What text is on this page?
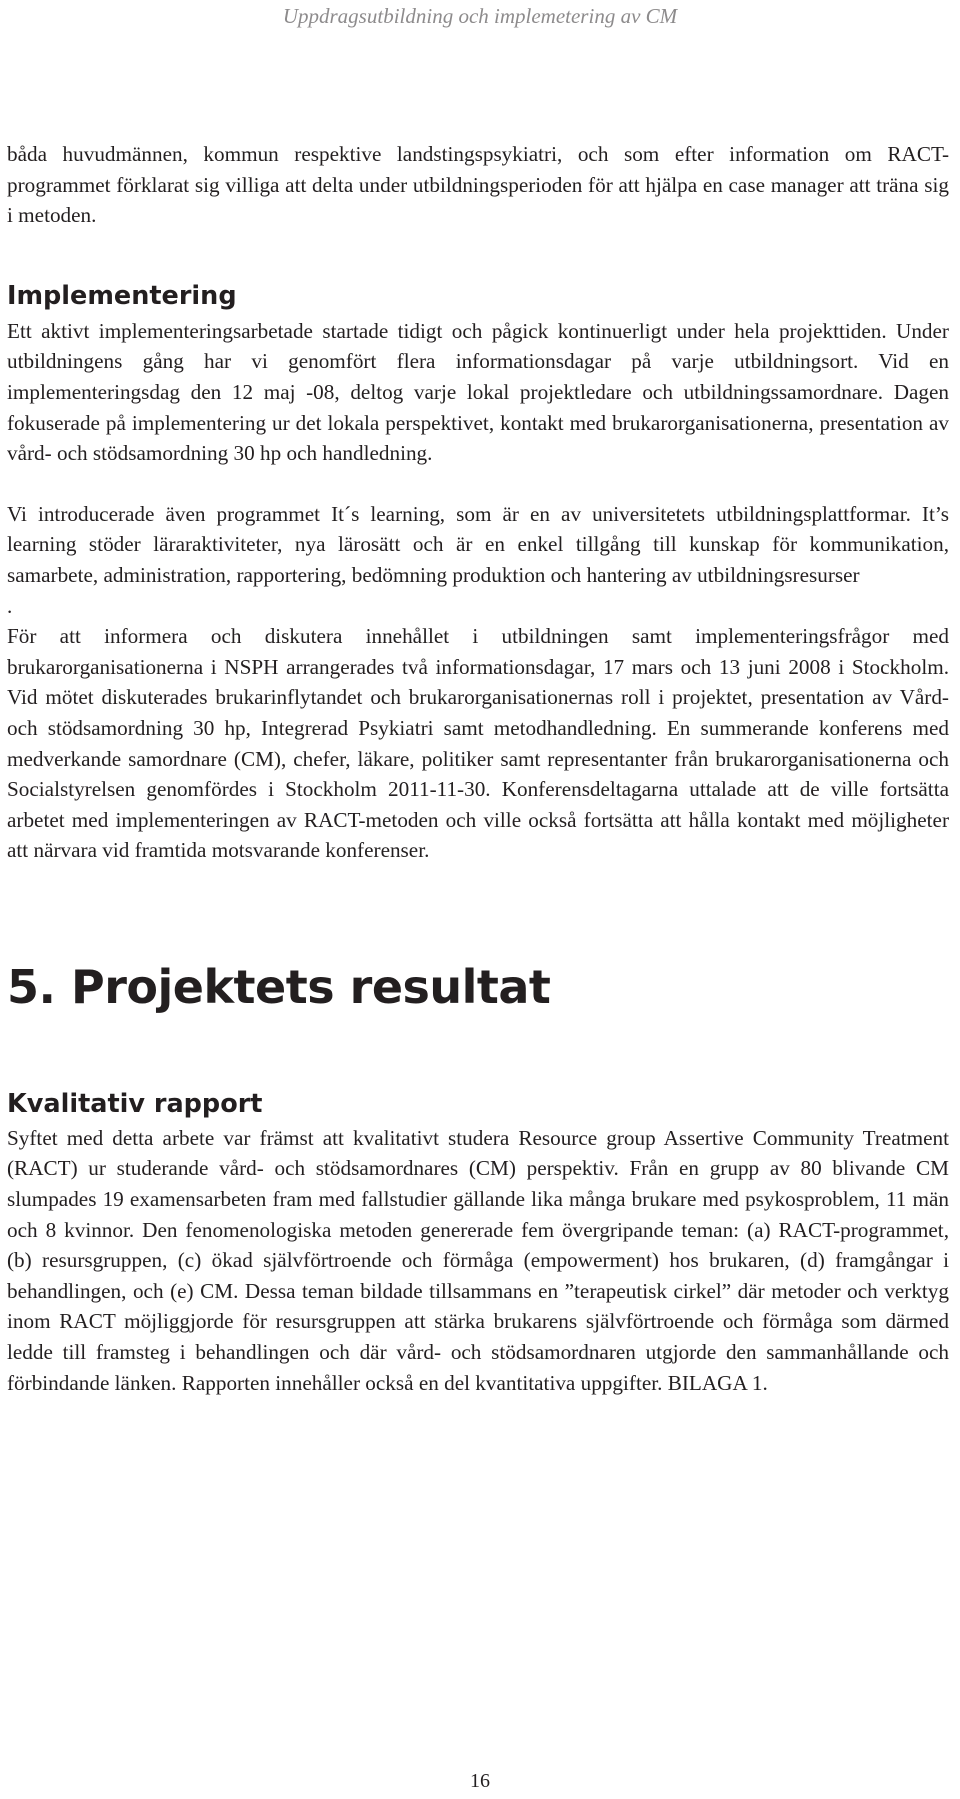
Uppdragsutbildning och implemetering av CM

båda huvudmännen, kommun respektive landstingspsykiatri, och som efter information om RACT-programmet förklarat sig villiga att delta under utbildningsperioden för att hjälpa en case manager att träna sig i metoden.

Implementering

Ett aktivt implementeringsarbetade startade tidigt och pågick kontinuerligt under hela projekttiden. Under utbildningens gång har vi genomfört flera informationsdagar på varje utbildningsort. Vid en implementeringsdag den 12 maj -08, deltog varje lokal projektledare och utbildningssamordnare. Dagen fokuserade på implementering ur det lokala perspektivet, kontakt med brukarorganisationerna, presentation av vård- och stödsamordning 30 hp och handledning.

Vi introducerade även programmet It´s learning, som är en av universitetets utbildningsplattformar. It’s learning stöder läraraktiviteter, nya lärosätt och är en enkel tillgång till kunskap för kommunikation, samarbete, administration, rapportering, bedömning produktion och hantering av utbildningsresurser

.

För att informera och diskutera innehållet i utbildningen samt implementeringsfrågor med brukarorganisationerna i NSPH arrangerades två informationsdagar, 17 mars och 13 juni 2008 i Stockholm. Vid mötet diskuterades brukarinflytandet och brukarorganisationernas roll i projektet, presentation av Vård- och stödsamordning 30 hp, Integrerad Psykiatri samt metodhandledning. En summerande konferens med medverkande samordnare (CM), chefer, läkare, politiker samt representanter från brukarorganisationerna och Socialstyrelsen genomfördes i Stockholm 2011-11-30. Konferensdeltagarna uttalade att de ville fortsätta arbetet med implementeringen av RACT-metoden och ville också fortsätta att hålla kontakt med möjligheter att närvara vid framtida motsvarande konferenser.

5. Projektets resultat
Kvalitativ rapport

Syftet med detta arbete var främst att kvalitativt studera Resource group Assertive Community Treatment (RACT) ur studerande vård- och stödsamordnares (CM) perspektiv. Från en grupp av 80 blivande CM slumpades 19 examensarbeten fram med fallstudier gällande lika många brukare med psykosproblem, 11 män och 8 kvinnor. Den fenomenologiska metoden genererade fem övergripande teman: (a) RACT-programmet, (b) resursgruppen, (c) ökad självförtroende och förmåga (empowerment) hos brukaren, (d) framgångar i behandlingen, och (e) CM. Dessa teman bildade tillsammans en ”terapeutisk cirkel” där metoder och verktyg inom RACT möjliggjorde för resursgruppen att stärka brukarens självförtroende och förmåga som därmed ledde till framsteg i behandlingen och där vård- och stödsamordnaren utgjorde den sammanhållande och förbindande länken. Rapporten innehåller också en del kvantitativa uppgifter. BILAGA 1.

16
